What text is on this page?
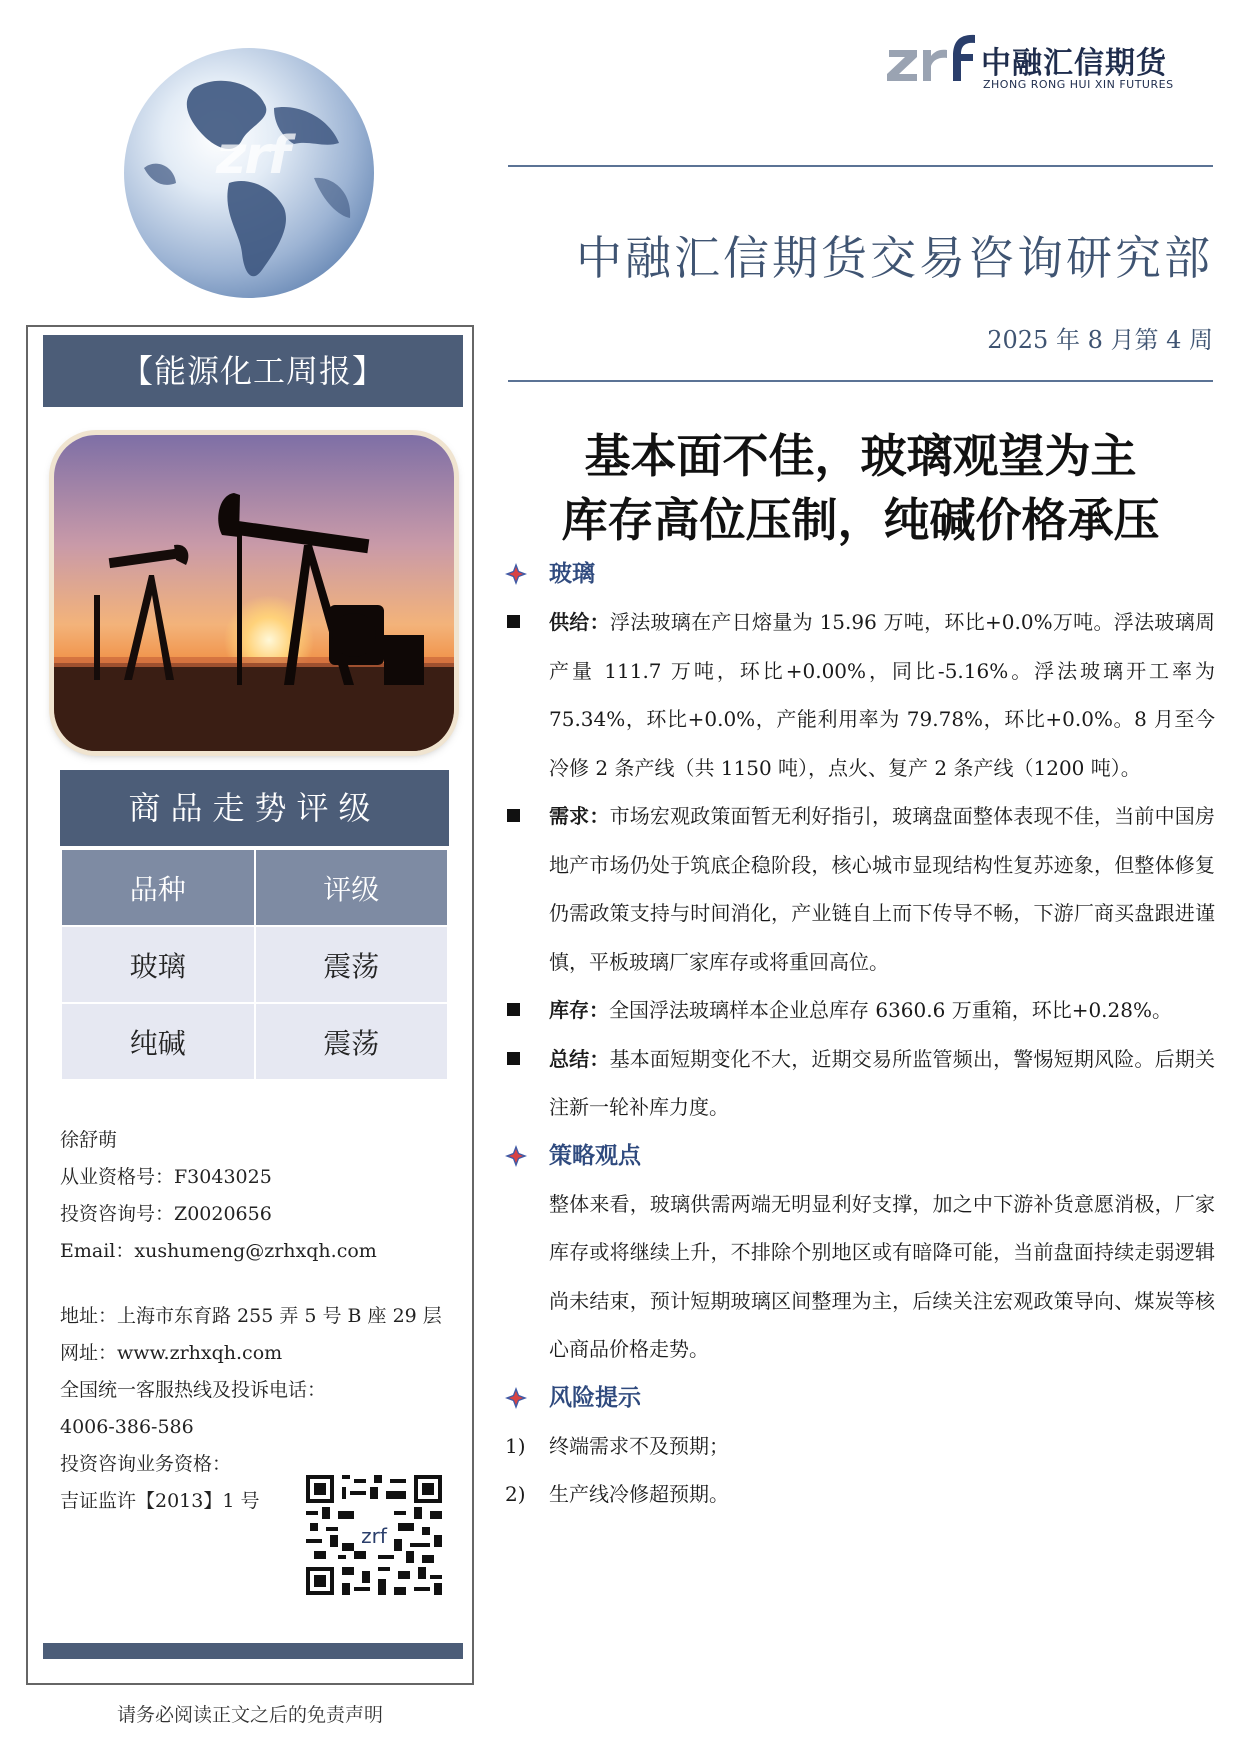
zrf
中融汇信期货
ZHONG RONG HUI XIN FUTURES
中融汇信期货交易咨询研究部
2025 年 8 月第 4 周
基本面不佳，玻璃观望为主
库存高位压制，纯碱价格承压
【能源化工周报】
商品走势评级
品种	评级
玻璃	震荡
纯碱	震荡
徐舒萌
从业资格号：F3043025
投资咨询号：Z0020656
Email：xushumeng@zrhxqh.com
地址：上海市东育路 255 弄 5 号 B 座 29 层
网址：www.zrhxqh.com
全国统一客服热线及投诉电话：
4006-386-586
投资咨询业务资格：
吉证监许【2013】1 号
zrf
请务必阅读正文之后的免责声明
玻璃
供给：浮法玻璃在产日熔量为 15.96 万吨，环比+0.0%万吨。浮法玻璃周产量 111.7 万吨，环比+0.00%，同比-5.16%。浮法玻璃开工率为 75.34%，环比+0.0%，产能利用率为 79.78%，环比+0.0%。8 月至今冷修 2 条产线（共 1150 吨），点火、复产 2 条产线（1200 吨）。
需求：市场宏观政策面暂无利好指引，玻璃盘面整体表现不佳，当前中国房地产市场仍处于筑底企稳阶段，核心城市显现结构性复苏迹象，但整体修复仍需政策支持与时间消化，产业链自上而下传导不畅，下游厂商买盘跟进谨慎，平板玻璃厂家库存或将重回高位。
库存：全国浮法玻璃样本企业总库存 6360.6 万重箱，环比+0.28%。
总结：基本面短期变化不大，近期交易所监管频出，警惕短期风险。后期关注新一轮补库力度。
策略观点
整体来看，玻璃供需两端无明显利好支撑，加之中下游补货意愿消极，厂家库存或将继续上升，不排除个别地区或有暗降可能，当前盘面持续走弱逻辑尚未结束，预计短期玻璃区间整理为主，后续关注宏观政策导向、煤炭等核心商品价格走势。
风险提示
1) 终端需求不及预期；
2) 生产线冷修超预期。
